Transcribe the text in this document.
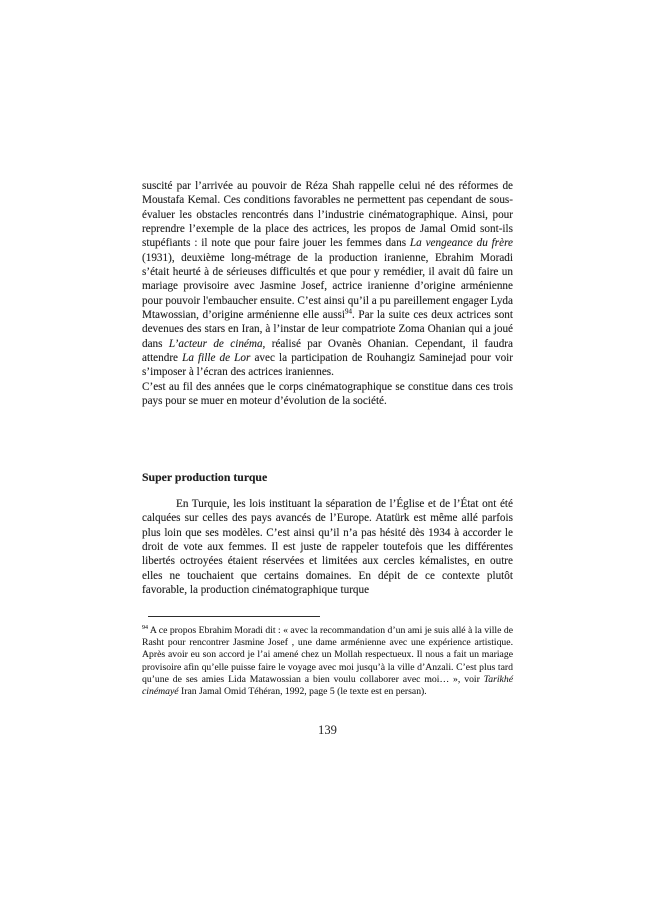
suscité par l’arrivée au pouvoir de Réza Shah rappelle celui né des réformes de Moustafa Kemal. Ces conditions favorables ne permettent pas cependant de sous-évaluer les obstacles rencontrés dans l’industrie cinématographique. Ainsi, pour reprendre l’exemple de la place des actrices, les propos de Jamal Omid sont-ils stupéfiants : il note que pour faire jouer les femmes dans La vengeance du frère (1931), deuxième long-métrage de la production iranienne, Ebrahim Moradi s’était heurté à de sérieuses difficultés et que pour y remédier, il avait dû faire un mariage provisoire avec Jasmine Josef, actrice iranienne d’origine arménienne pour pouvoir l'embaucher ensuite. C’est ainsi qu’il a pu pareillement engager Lyda Mtawossian, d’origine arménienne elle aussi$^{94}$. Par la suite ces deux actrices sont devenues des stars en Iran, à l’instar de leur compatriote Zoma Ohanian qui a joué dans L’acteur de cinéma, réalisé par Ovanès Ohanian. Cependant, il faudra attendre La fille de Lor avec la participation de Rouhangiz Saminejad pour voir s’imposer à l’écran des actrices iraniennes.

C’est au fil des années que le corps cinématographique se constitue dans ces trois pays pour se muer en moteur d’évolution de la société.

Super production turque

En Turquie, les lois instituant la séparation de l’Église et de l’État ont été calquées sur celles des pays avancés de l’Europe. Atatürk est même allé parfois plus loin que ses modèles. C’est ainsi qu’il n’a pas hésité dès 1934 à accorder le droit de vote aux femmes. Il est juste de rappeler toutefois que les différentes libertés octroyées étaient réservées et limitées aux cercles kémalistes, en outre elles ne touchaient que certains domaines. En dépit de ce contexte plutôt favorable, la production cinématographique turque

$^{94}$ A ce propos Ebrahim Moradi dit : « avec la recommandation d’un ami je suis allé à la ville de Rasht pour rencontrer Jasmine Josef , une dame arménienne avec une expérience artistique. Après avoir eu son accord je l’ai amené chez un Mollah respectueux. Il nous a fait un mariage provisoire afin qu’elle puisse faire le voyage avec moi jusqu’à la ville d’Anzali. C’est plus tard qu’une de ses amies Lida Matawossian a bien voulu collaborer avec moi… », voir Tarikhé cinémayé Iran Jamal Omid Téhéran, 1992, page 5 (le texte est en persan).

139
